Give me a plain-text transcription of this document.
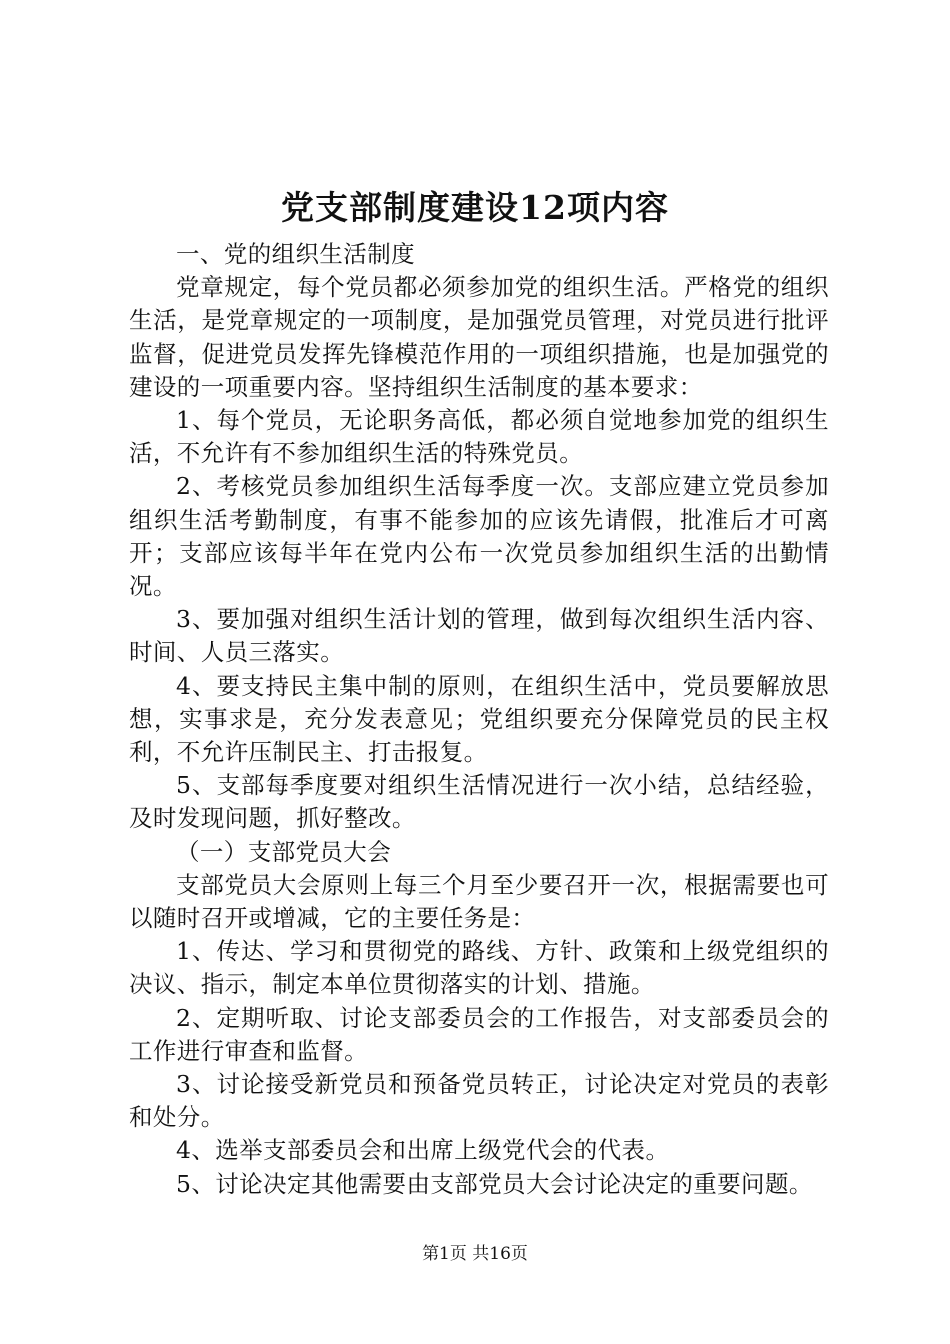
党支部制度建设12项内容

一、党的组织生活制度

党章规定，每个党员都必须参加党的组织生活。严格党的组织生活，是党章规定的一项制度，是加强党员管理，对党员进行批评监督，促进党员发挥先锋模范作用的一项组织措施，也是加强党的建设的一项重要内容。坚持组织生活制度的基本要求：

1、每个党员，无论职务高低，都必须自觉地参加党的组织生活，不允许有不参加组织生活的特殊党员。

2、考核党员参加组织生活每季度一次。支部应建立党员参加组织生活考勤制度，有事不能参加的应该先请假，批准后才可离开；支部应该每半年在党内公布一次党员参加组织生活的出勤情况。

3、要加强对组织生活计划的管理，做到每次组织生活内容、时间、人员三落实。

4、要支持民主集中制的原则，在组织生活中，党员要解放思想，实事求是，充分发表意见；党组织要充分保障党员的民主权利，不允许压制民主、打击报复。

5、支部每季度要对组织生活情况进行一次小结，总结经验，及时发现问题，抓好整改。

（一）支部党员大会

支部党员大会原则上每三个月至少要召开一次，根据需要也可以随时召开或增减，它的主要任务是：

1、传达、学习和贯彻党的路线、方针、政策和上级党组织的决议、指示，制定本单位贯彻落实的计划、措施。

2、定期听取、讨论支部委员会的工作报告，对支部委员会的工作进行审查和监督。

3、讨论接受新党员和预备党员转正，讨论决定对党员的表彰和处分。

4、选举支部委员会和出席上级党代会的代表。

5、讨论决定其他需要由支部党员大会讨论决定的重要问题。

第1页 共16页
